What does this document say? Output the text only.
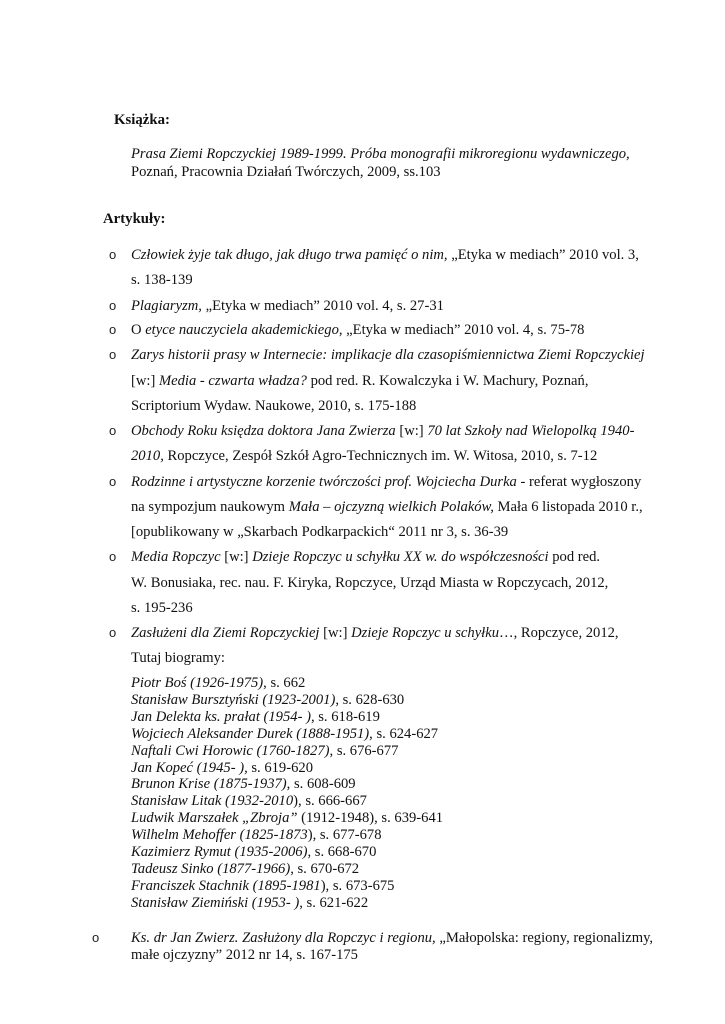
Książka:
Prasa Ziemi Ropczyckiej 1989-1999. Próba monografii mikroregionu wydawniczego,
Poznań, Pracownia Działań Twórczych, 2009, ss.103
Artykuły:
o Człowiek żyje tak długo, jak długo trwa pamięć o nim, „Etyka w mediach” 2010 vol. 3,
s. 138-139
o Plagiaryzm, „Etyka w mediach” 2010 vol. 4, s. 27-31
o O etyce nauczyciela akademickiego, „Etyka w mediach” 2010 vol. 4, s. 75-78
o Zarys historii prasy w Internecie: implikacje dla czasopiśmiennictwa Ziemi Ropczyckiej
[w:] Media - czwarta władza? pod red. R. Kowalczyka i W. Machury, Poznań,
Scriptorium Wydaw. Naukowe, 2010, s. 175-188
o Obchody Roku księdza doktora Jana Zwierza [w:] 70 lat Szkoły nad Wielopolką 1940-
2010, Ropczyce, Zespół Szkół Agro-Technicznych im. W. Witosa, 2010, s. 7-12
o Rodzinne i artystyczne korzenie twórczości prof. Wojciecha Durka - referat wygłoszony
na sympozjum naukowym Mała – ojczyzną wielkich Polaków, Mała 6 listopada 2010 r.,
[opublikowany w „Skarbach Podkarpackich“ 2011 nr 3, s. 36-39
o Media Ropczyc [w:] Dzieje Ropczyc u schyłku XX w. do współczesności pod red.
W. Bonusiaka, rec. nau. F. Kiryka, Ropczyce, Urząd Miasta w Ropczycach, 2012,
s. 195-236
o Zasłużeni dla Ziemi Ropczyckiej [w:] Dzieje Ropczyc u schyłku…, Ropczyce, 2012,
Tutaj biogramy:
Piotr Boś (1926-1975), s. 662
Stanisław Bursztyński (1923-2001), s. 628-630
Jan Delekta ks. prałat (1954- ), s. 618-619
Wojciech Aleksander Durek (1888-1951), s. 624-627
Naftali Cwi Horowic (1760-1827), s. 676-677
Jan Kopeć (1945- ), s. 619-620
Brunon Krise (1875-1937), s. 608-609
Stanisław Litak (1932-2010), s. 666-667
Ludwik Marszałek „Zbroja” (1912-1948), s. 639-641
Wilhelm Mehoffer (1825-1873), s. 677-678
Kazimierz Rymut (1935-2006), s. 668-670
Tadeusz Sinko (1877-1966), s. 670-672
Franciszek Stachnik (1895-1981), s. 673-675
Stanisław Ziemiński (1953- ), s. 621-622
o Ks. dr Jan Zwierz. Zasłużony dla Ropczyc i regionu, „Małopolska: regiony, regionalizmy,
małe ojczyzny” 2012 nr 14, s. 167-175
